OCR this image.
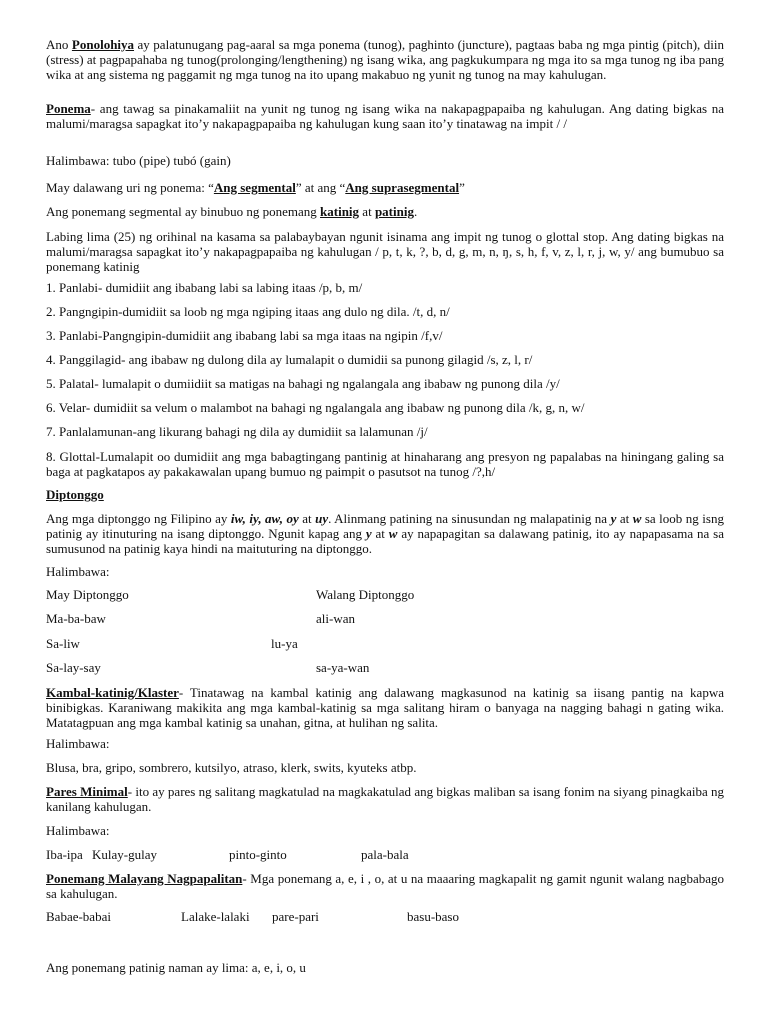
Ano Ponolohiya ay palatunugang pag-aaral sa mga ponema (tunog), paghinto (juncture), pagtaas baba ng mga pintig (pitch), diin (stress) at pagpapahaba ng tunog(prolonging/lengthening) ng isang wika, ang pagkukumpara ng mga ito sa mga tunog ng iba pang wika at ang sistema ng paggamit ng mga tunog na ito upang makabuo ng yunit ng tunog na may kahulugan.

Ponema- ang tawag sa pinakamaliit na yunit ng tunog ng isang wika na nakapagpapaiba ng kahulugan. Ang dating bigkas na malumi/maragsa sapagkat ito’y nakapagpapaiba ng kahulugan kung saan ito’y tinatawag na impit / /

Halimbawa: tubo (pipe) tubó (gain)

May dalawang uri ng ponema: “Ang segmental” at ang “Ang suprasegmental”

Ang ponemang segmental ay binubuo ng ponemang katinig at patinig.

Labing lima (25) ng orihinal na kasama sa palabaybayan ngunit isinama ang impit ng tunog o glottal stop. Ang dating bigkas na malumi/maragsa sapagkat ito’y nakapagpapaiba ng kahulugan / p, t, k, ?, b, d, g, m, n, ŋ, s, h, f, v, z, l, r, j, w, y/ ang bumubuo sa ponemang katinig

1. Panlabi- dumidiit ang ibabang labi sa labing itaas /p, b, m/

2. Pangngipin-dumidiit sa loob ng mga ngiping itaas ang dulo ng dila. /t, d, n/

3. Panlabi-Pangngipin-dumidiit ang ibabang labi sa mga itaas na ngipin /f,v/

4. Panggilagid- ang ibabaw ng dulong dila ay lumalapit o dumidii sa punong gilagid /s, z, l, r/

5. Palatal- lumalapit o dumiidiit sa matigas na bahagi ng ngalangala ang ibabaw ng punong dila /y/

6. Velar- dumidiit sa velum o malambot na bahagi ng ngalangala ang ibabaw ng punong dila /k, g, n, w/

7. Panlalamunan-ang likurang bahagi ng dila ay dumidiit sa lalamunan /j/

8. Glottal-Lumalapit oo dumidiit ang mga babagtingang pantinig at hinaharang ang presyon ng papalabas na hiningang galing sa baga at pagkatapos ay pakakawalan upang bumuo ng paimpit o pasutsot na tunog /?,h/

Diptonggo

Ang mga diptonggo ng Filipino ay iw, iy, aw, oy at uy. Alinmang patining na sinusundan ng malapatinig na y at w sa loob ng isng patinig ay itinuturing na isang diptonggo. Ngunit kapag ang y at w ay napapagitan sa dalawang patinig, ito ay napapasama na sa sumusunod na patinig kaya hindi na maituturing na diptonggo.

Halimbawa:

May Diptonggo	Walang Diptonggo
Ma-ba-baw	ali-wan
Sa-liw	lu-ya
Sa-lay-say	sa-ya-wan

Kambal-katinig/Klaster- Tinatawag na kambal katinig ang dalawang magkasunod na katinig sa iisang pantig na kapwa binibigkas. Karaniwang makikita ang mga kambal-katinig sa mga salitang hiram o banyaga na nagging bahagi n gating wika. Matatagpuan ang mga kambal katinig sa unahan, gitna, at hulihan ng salita.

Halimbawa:

Blusa, bra, gripo, sombrero, kutsilyo, atraso, klerk, swits, kyuteks atbp.

Pares Minimal- ito ay pares ng salitang magkatulad na magkakatulad ang bigkas maliban sa isang fonim na siyang pinagkaiba ng kanilang kahulugan.

Halimbawa:

Iba-ipa Kulay-gulay	pinto-ginto	pala-bala

Ponemang Malayang Nagpapalitan- Mga ponemang a, e, i , o, at u na maaaring magkapalit ng gamit ngunit walang nagbabago sa kahulugan.

Babae-babai	Lalake-lalaki pare-pari	basu-baso

Ang ponemang patinig naman ay lima: a, e, i, o, u
